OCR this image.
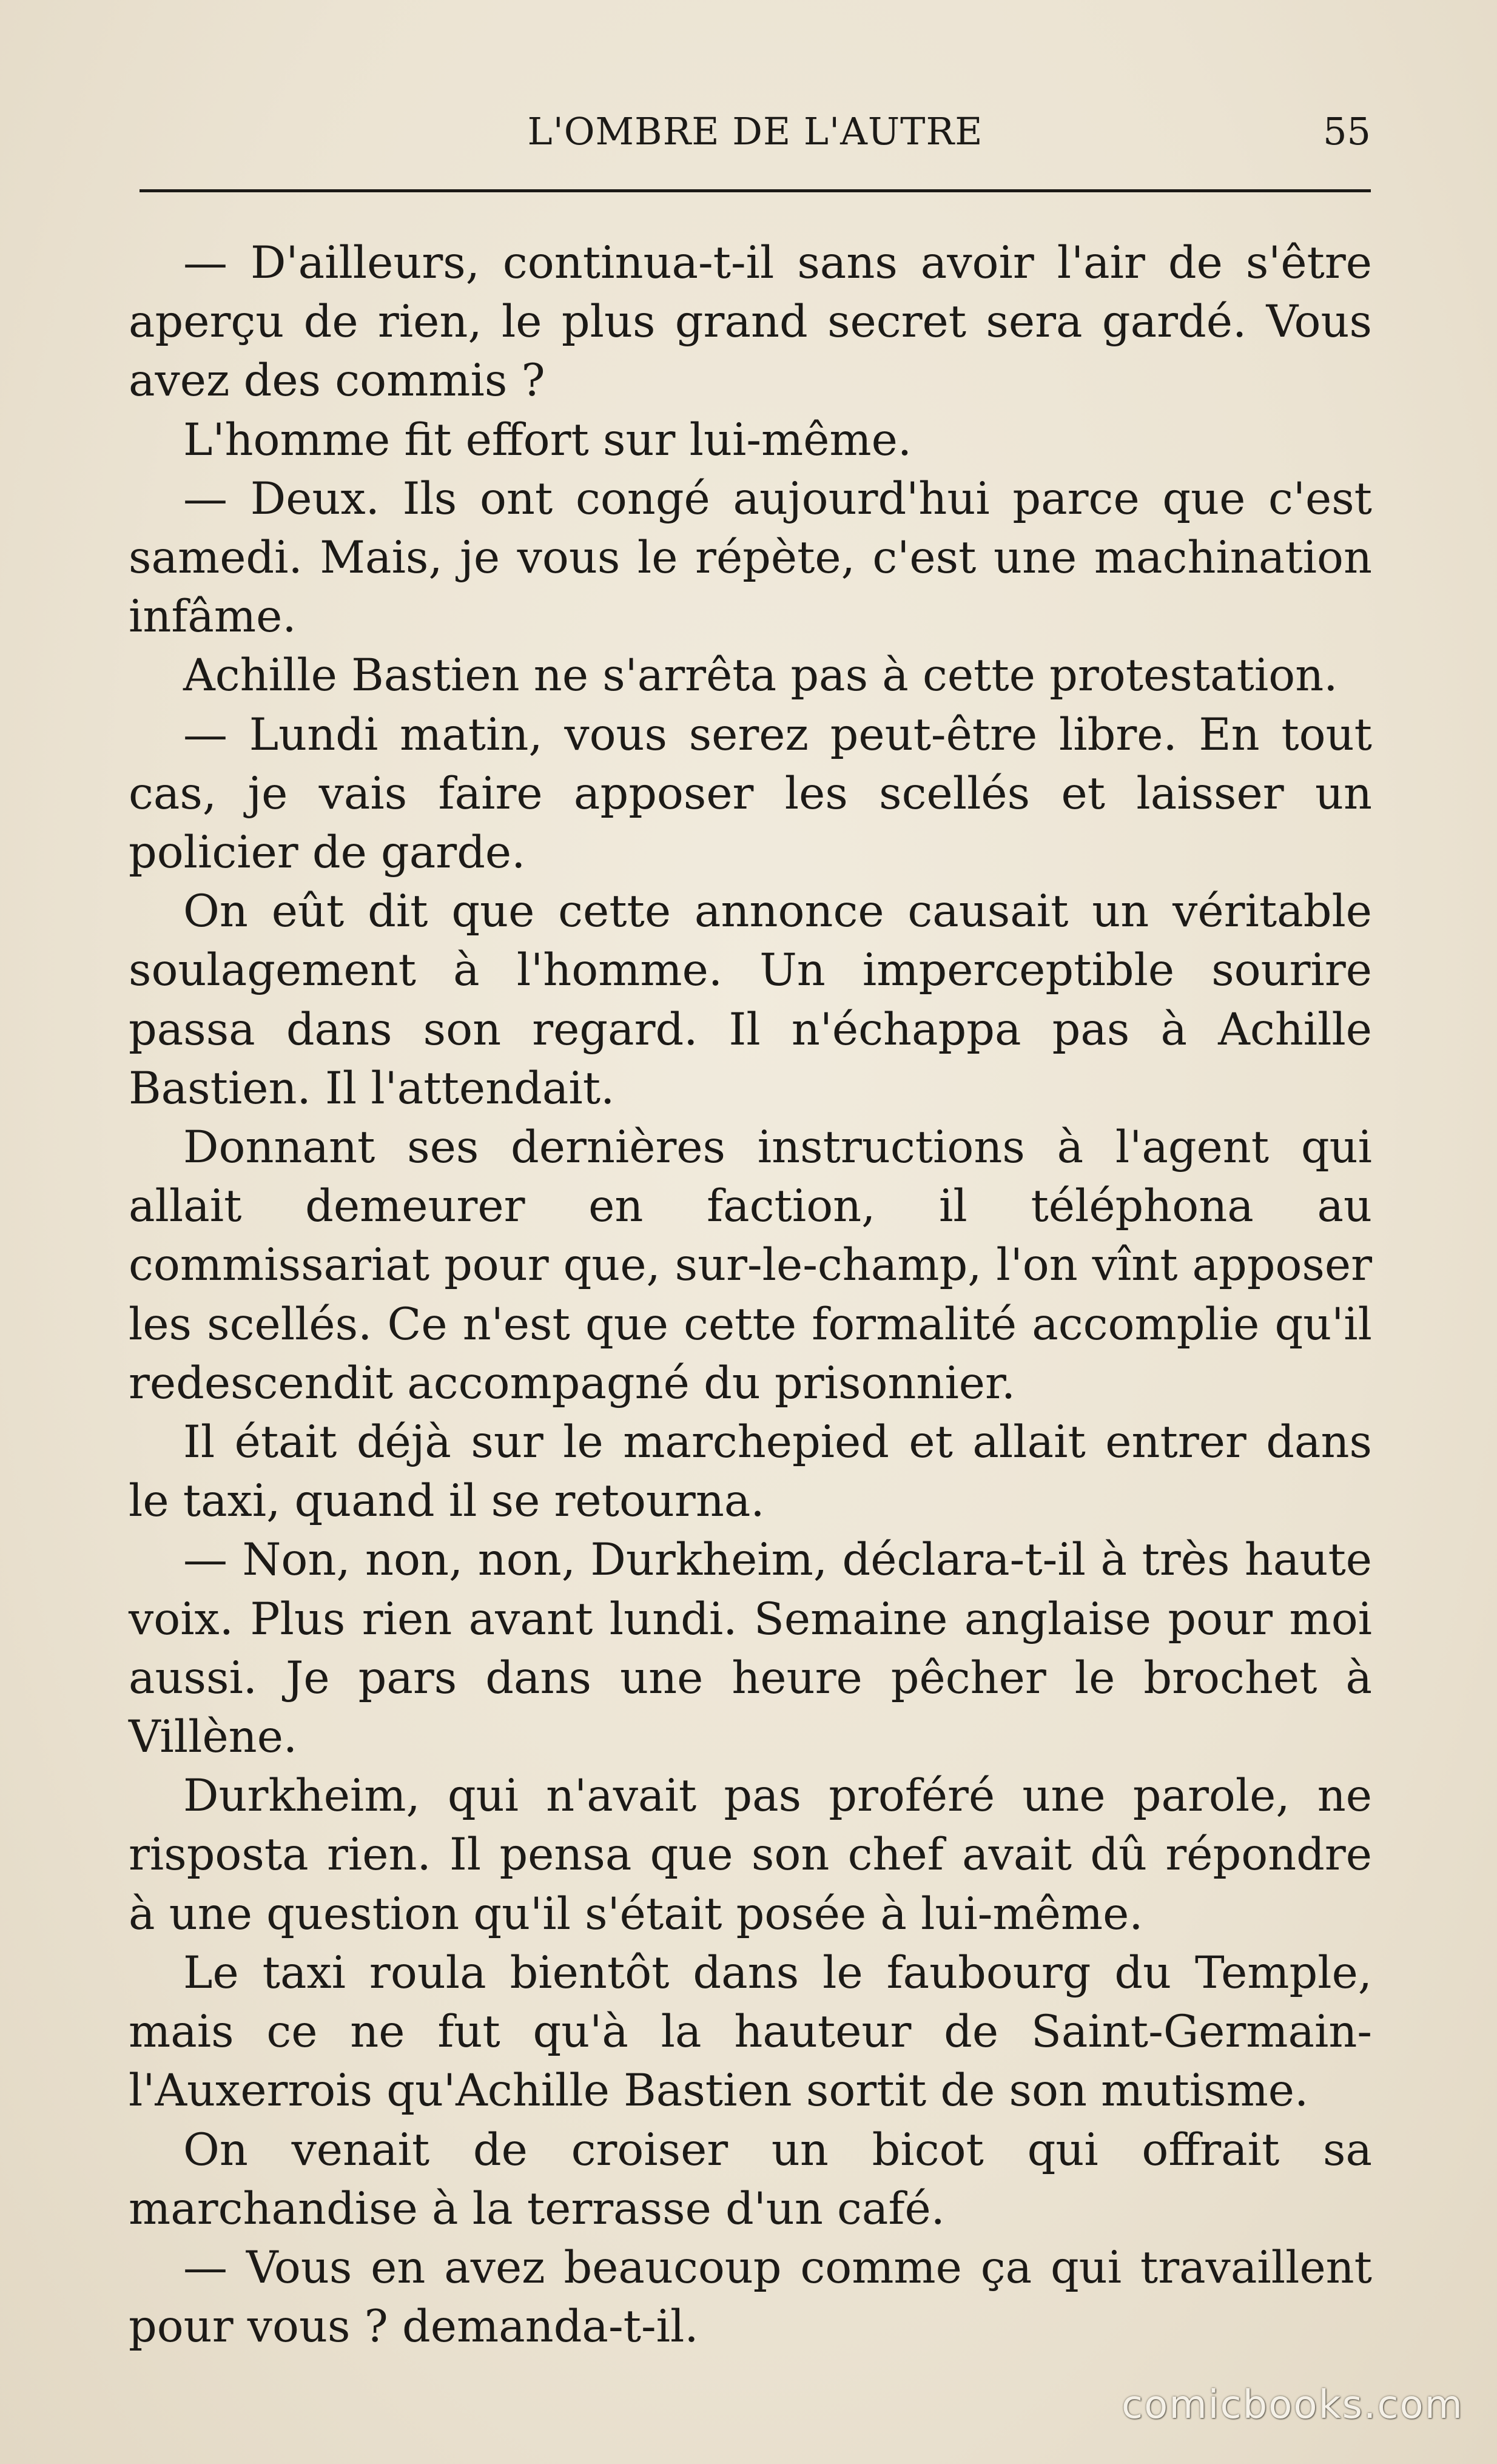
L'OMBRE DE L'AUTRE	55

— D'ailleurs, continua-t-il sans avoir l'air de s'être aperçu de rien, le plus grand secret sera gardé. Vous avez des commis ?

L'homme fit effort sur lui-même.

— Deux. Ils ont congé aujourd'hui parce que c'est samedi. Mais, je vous le répète, c'est une machination infâme.

Achille Bastien ne s'arrêta pas à cette protestation.

— Lundi matin, vous serez peut-être libre. En tout cas, je vais faire apposer les scellés et laisser un policier de garde.

On eût dit que cette annonce causait un véritable soulagement à l'homme. Un imperceptible sourire passa dans son regard. Il n'échappa pas à Achille Bastien. Il l'attendait.

Donnant ses dernières instructions à l'agent qui allait demeurer en faction, il téléphona au commissariat pour que, sur-le-champ, l'on vînt apposer les scellés. Ce n'est que cette formalité accomplie qu'il redescendit accompagné du prisonnier.

Il était déjà sur le marchepied et allait entrer dans le taxi, quand il se retourna.

— Non, non, non, Durkheim, déclara-t-il à très haute voix. Plus rien avant lundi. Semaine anglaise pour moi aussi. Je pars dans une heure pêcher le brochet à Villène.

Durkheim, qui n'avait pas proféré une parole, ne risposta rien. Il pensa que son chef avait dû répondre à une question qu'il s'était posée à lui-même.

Le taxi roula bientôt dans le faubourg du Temple, mais ce ne fut qu'à la hauteur de Saint-Germain-l'Auxerrois qu'Achille Bastien sortit de son mutisme.

On venait de croiser un bicot qui offrait sa marchandise à la terrasse d'un café.

— Vous en avez beaucoup comme ça qui travaillent pour vous ? demanda-t-il.

comicbooks.com
